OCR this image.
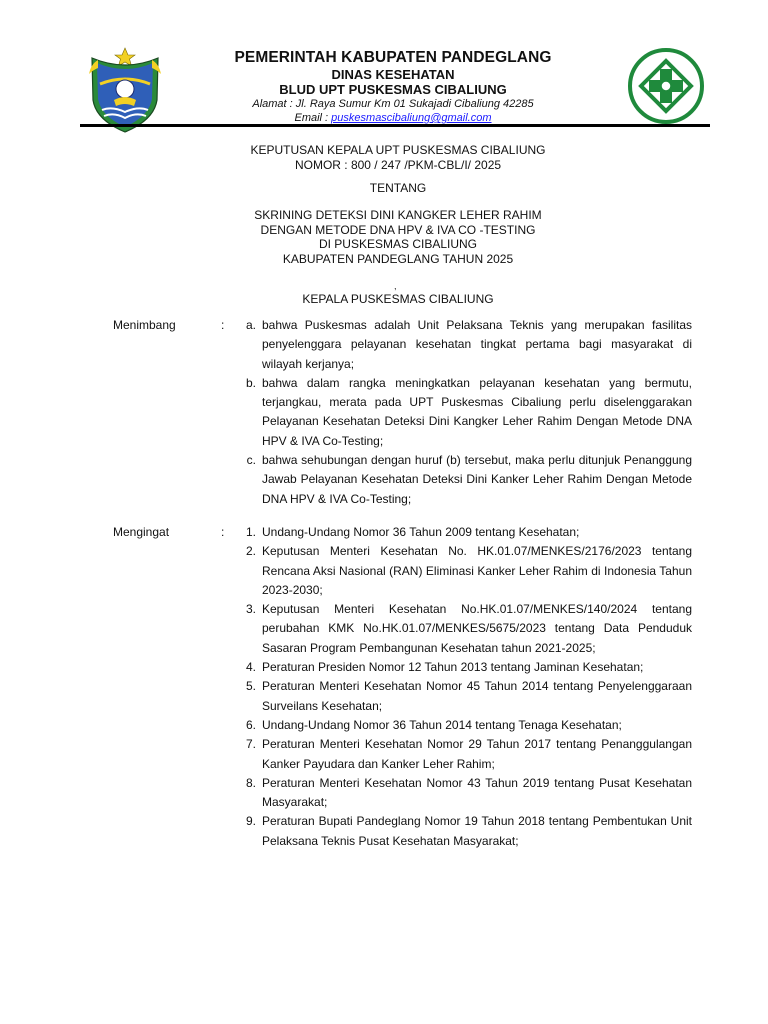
PEMERINTAH KABUPATEN PANDEGLANG
DINAS KESEHATAN
BLUD UPT PUSKESMAS CIBALIUNG
Alamat : Jl. Raya Sumur Km 01 Sukajadi Cibaliung 42285
Email : puskesmascibaliung@gmail.com
KEPUTUSAN KEPALA UPT PUSKESMAS CIBALIUNG
NOMOR : 800 / 247 /PKM-CBL/I/ 2025
TENTANG
SKRINING DETEKSI DINI KANGKER LEHER RAHIM
DENGAN METODE DNA HPV & IVA CO -TESTING
DI PUSKESMAS CIBALIUNG
KABUPATEN PANDEGLANG TAHUN 2025
,
KEPALA PUSKESMAS CIBALIUNG
Menimbang	:	a. bahwa Puskesmas adalah Unit Pelaksana Teknis yang merupakan fasilitas penyelenggara pelayanan kesehatan tingkat pertama bagi masyarakat di wilayah kerjanya;
b. bahwa dalam rangka meningkatkan pelayanan kesehatan yang bermutu, terjangkau, merata pada UPT Puskesmas Cibaliung perlu diselenggarakan Pelayanan Kesehatan Deteksi Dini Kangker Leher Rahim Dengan Metode DNA HPV & IVA Co-Testing;
c. bahwa sehubungan dengan huruf (b) tersebut, maka perlu ditunjuk Penanggung Jawab Pelayanan Kesehatan Deteksi Dini Kanker Leher Rahim Dengan Metode DNA HPV & IVA Co-Testing;
Mengingat	:	1. Undang-Undang Nomor 36 Tahun 2009 tentang Kesehatan;
2. Keputusan Menteri Kesehatan No. HK.01.07/MENKES/2176/2023 tentang Rencana Aksi Nasional (RAN) Eliminasi Kanker Leher Rahim di Indonesia Tahun 2023-2030;
3. Keputusan Menteri Kesehatan No.HK.01.07/MENKES/140/2024 tentang perubahan KMK No.HK.01.07/MENKES/5675/2023 tentang Data Penduduk Sasaran Program Pembangunan Kesehatan tahun 2021-2025;
4. Peraturan Presiden Nomor 12 Tahun 2013 tentang Jaminan Kesehatan;
5. Peraturan Menteri Kesehatan Nomor 45 Tahun 2014 tentang Penyelenggaraan Surveilans Kesehatan;
6. Undang-Undang Nomor 36 Tahun 2014 tentang Tenaga Kesehatan;
7. Peraturan Menteri Kesehatan Nomor 29 Tahun 2017 tentang Penanggulangan Kanker Payudara dan Kanker Leher Rahim;
8. Peraturan Menteri Kesehatan Nomor 43 Tahun 2019 tentang Pusat Kesehatan Masyarakat;
9. Peraturan Bupati Pandeglang Nomor 19 Tahun 2018 tentang Pembentukan Unit Pelaksana Teknis Pusat Kesehatan Masyarakat;
